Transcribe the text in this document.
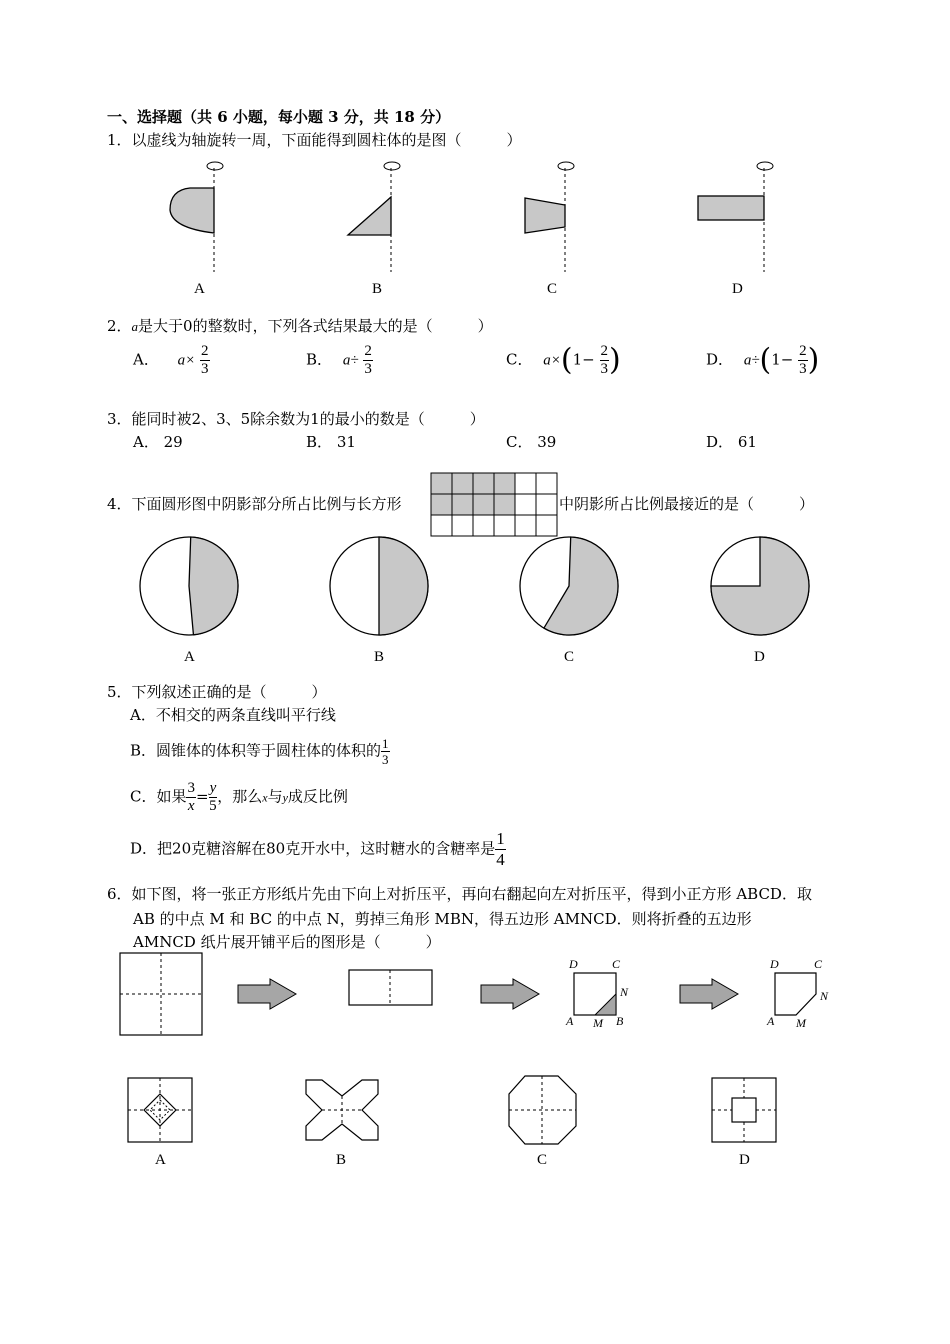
一、选择题（共 6 小题，每小题 3 分，共 18 分）
1．以虚线为轴旋转一周，下面能得到圆柱体的是图（　　　）
A	B	C	D
2．a是大于0的整数时，下列各式结果最大的是（　　　）
A． $a\times \frac{2}{3}$	B． $a\div \frac{2}{3}$	C． $a\times(1- \frac{2}{3}$ )	D． $a\div(1- \frac{2}{3}$ )
3．能同时被2、3、5除余数为1的最小的数是（　　　）
A． 29	B． 31	C． 39	D． 61
4．下面圆形图中阴影部分所占比例与长方形	中阴影所占比例最接近的是（　　　）
A	B	C	D
5．下列叙述正确的是（　　　）
A．不相交的两条直线叫平行线
B．圆锥体的体积等于圆柱体的体积的 $\frac{1}{3}$
C．如果 $\frac{3}{x} = \frac{y}{5}$ ，那么x与y成反比例
D．把20克糖溶解在80克开水中，这时糖水的含糖率是 $\frac{1}{4}$
6．如下图，将一张正方形纸片先由下向上对折压平，再向右翻起向左对折压平，得到小正方形 ABCD．取
AB 的中点 M 和 BC 的中点 N，剪掉三角形 MBN，得五边形 AMNCD．则将折叠的五边形
AMNCD 纸片展开铺平后的图形是（　　　）
D	C
N
A M B
D	C
N
A M
A	B	C	D
